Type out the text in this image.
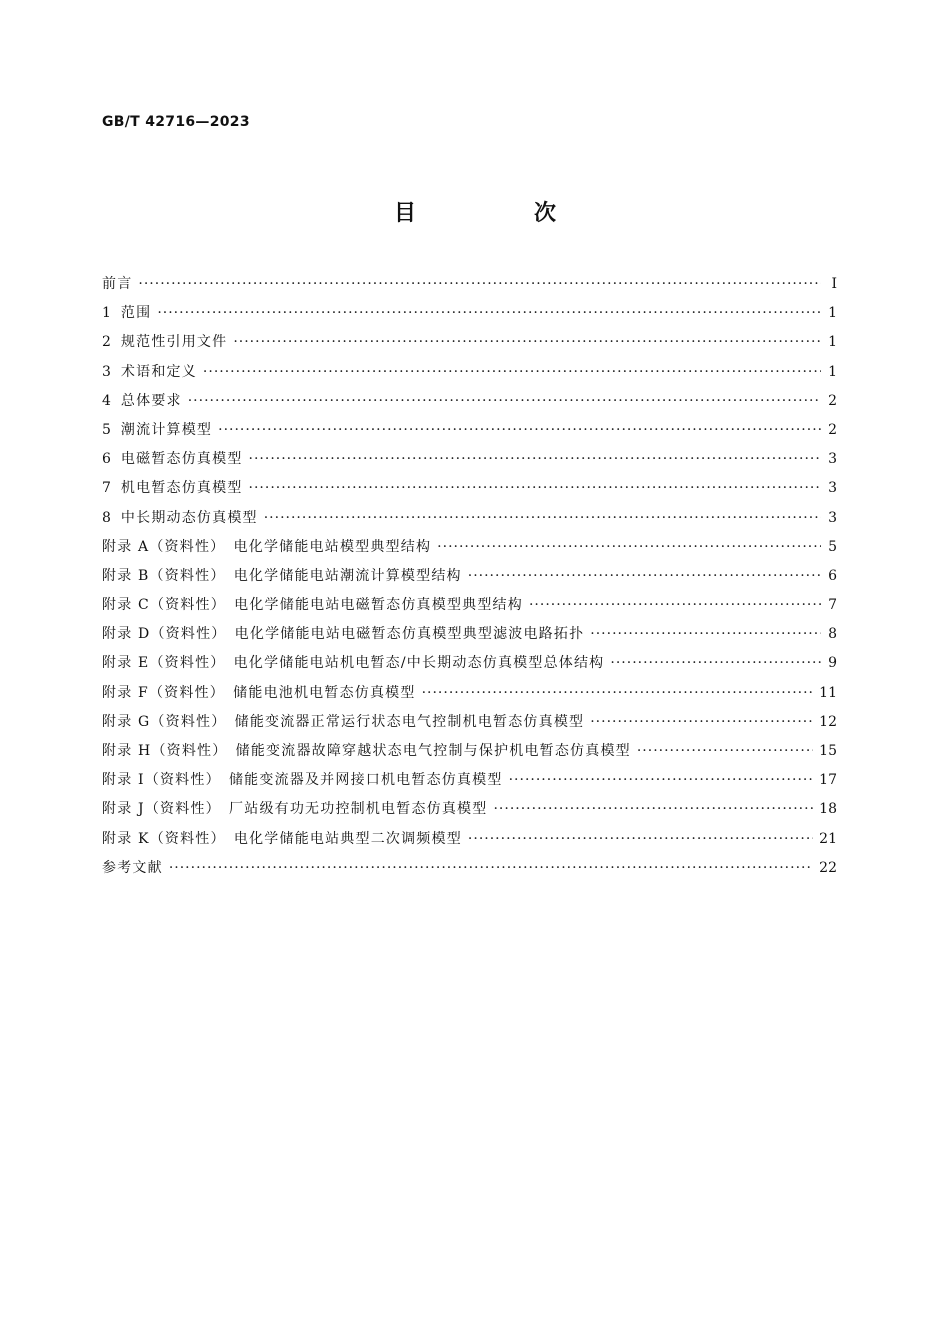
GB/T 42716—2023
目　次
前言 ·····	Ⅰ
1 范围 ·····	1
2 规范性引用文件 ·····	1
3 术语和定义 ·····	1
4 总体要求 ·····	2
5 潮流计算模型 ·····	2
6 电磁暂态仿真模型 ·····	3
7 机电暂态仿真模型 ·····	3
8 中长期动态仿真模型 ·····	3
附录 A（资料性）　电化学储能电站模型典型结构 ·····	5
附录 B（资料性）　电化学储能电站潮流计算模型结构 ·····	6
附录 C（资料性）　电化学储能电站电磁暂态仿真模型典型结构 ·····	7
附录 D（资料性）　电化学储能电站电磁暂态仿真模型典型滤波电路拓扑 ·····	8
附录 E（资料性）　电化学储能电站机电暂态/中长期动态仿真模型总体结构 ·····	9
附录 F（资料性）　储能电池机电暂态仿真模型 ·····	11
附录 G（资料性）　储能变流器正常运行状态电气控制机电暂态仿真模型 ·····	12
附录 H（资料性）　储能变流器故障穿越状态电气控制与保护机电暂态仿真模型 ·····	15
附录 I（资料性）　储能变流器及并网接口机电暂态仿真模型 ·····	17
附录 J（资料性）　厂站级有功无功控制机电暂态仿真模型 ·····	18
附录 K（资料性）　电化学储能电站典型二次调频模型 ·····	21
参考文献 ·····	22
